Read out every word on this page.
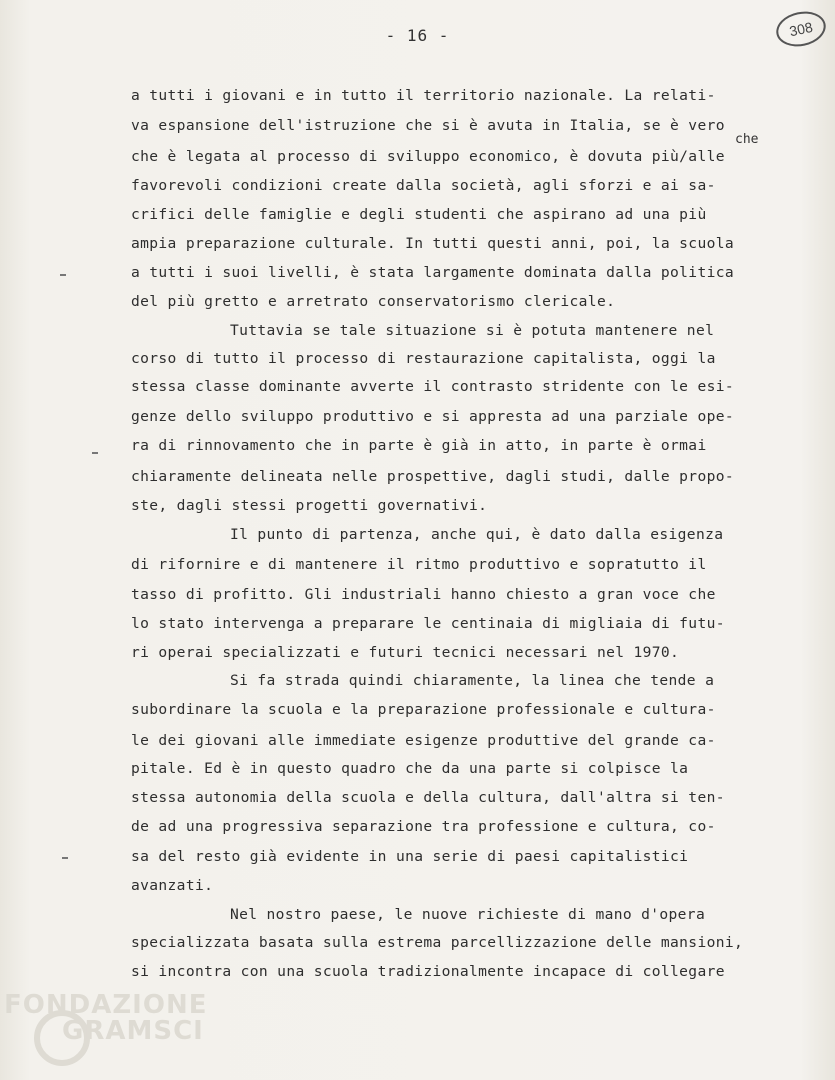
- 16 -	308
a tutti i giovani e in tutto il territorio nazionale. La relati-
va espansione dell'istruzione che si è avuta in Italia, se è vero
che è legata al processo di sviluppo economico, è dovuta più/alle
favorevoli condizioni create dalla società, agli sforzi e ai sa-
crifici delle famiglie e degli studenti che aspirano ad una più
ampia preparazione culturale. In tutti questi anni, poi, la scuola
a tutti i suoi livelli, è stata largamente dominata dalla politica
del più gretto e arretrato conservatorismo clericale.
Tuttavia se tale situazione si è potuta mantenere nel
corso di tutto il processo di restaurazione capitalista, oggi la
stessa classe dominante avverte il contrasto stridente con le esi-
genze dello sviluppo produttivo e si appresta ad una parziale ope-
ra di rinnovamento che in parte è già in atto, in parte è ormai
chiaramente delineata nelle prospettive, dagli studi, dalle propo-
ste, dagli stessi progetti governativi.
Il punto di partenza, anche qui, è dato dalla esigenza
di rifornire e di mantenere il ritmo produttivo e sopratutto il
tasso di profitto. Gli industriali hanno chiesto a gran voce che
lo stato intervenga a preparare le centinaia di migliaia di futu-
ri operai specializzati e futuri tecnici necessari nel 1970.
Si fa strada quindi chiaramente, la linea che tende a
subordinare la scuola e la preparazione professionale e cultura-
le dei giovani alle immediate esigenze produttive del grande ca-
pitale. Ed è in questo quadro che da una parte si colpisce la
stessa autonomia della scuola e della cultura, dall'altra si ten-
de ad una progressiva separazione tra professione e cultura, co-
sa del resto già evidente in una serie di paesi capitalistici
avanzati.
Nel nostro paese, le nuove richieste di mano d'opera
specializzata basata sulla estrema parcellizzazione delle mansioni,
si incontra con una scuola tradizionalmente incapace di collegare
che
FONDAZIONE
GRAMSCI
